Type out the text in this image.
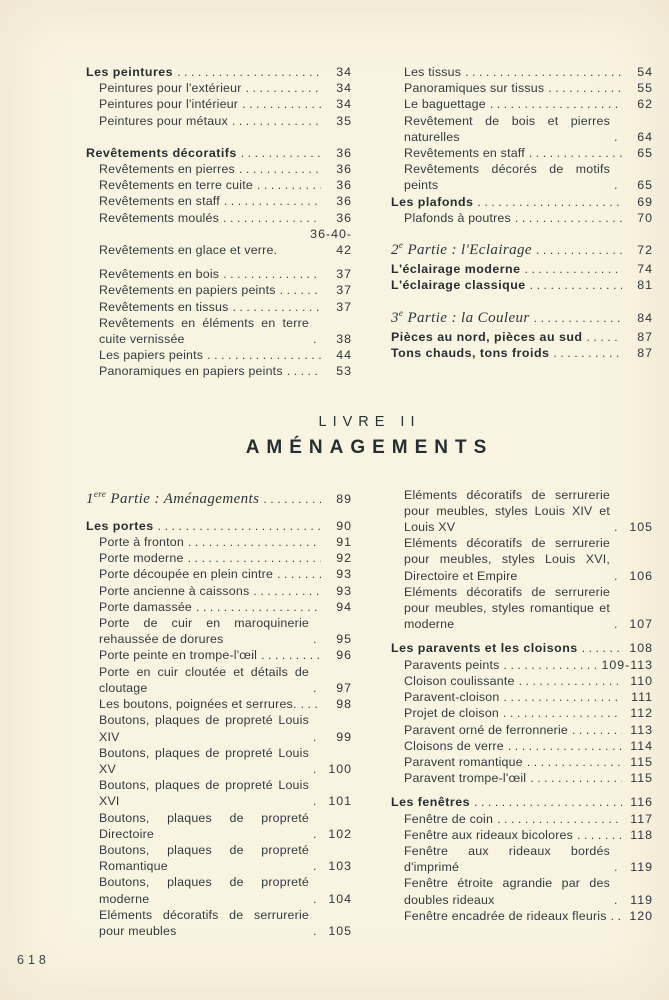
Les peintures .....	34
Peintures pour l'extérieur .....	34
Peintures pour l'intérieur .....	34
Peintures pour métaux .....	35
Revêtements décoratifs .....	36
Revêtements en pierres .....	36
Revêtements en terre cuite .....	36
Revêtements en staff .....	36
Revêtements moulés .....	36
Revêtements en glace et verre.
36-40-42
Revêtements en bois .....	37
Revêtements en papiers peints .....	37
Revêtements en tissus .....	37
Revêtements en éléments en terre cuite vernissée .....	38
Les papiers peints .....	44
Panoramiques en papiers peints .....	53
Les tissus .....	54
Panoramiques sur tissus .....	55
Le baguettage .....	62
Revêtement de bois et pierres naturelles .....	64
Revêtements en staff .....	65
Revêtements décorés de motifs peints .....	65
Les plafonds .....	69
Plafonds à poutres .....	70
2e Partie : l'Eclairage .....	72
L'éclairage moderne .....	74
L'éclairage classique .....	81
3e Partie : la Couleur .....	84
Pièces au nord, pièces au sud .....	87
Tons chauds, tons froids .....	87
LIVRE II
AMÉNAGEMENTS
1ere Partie : Aménagements .....	89
Les portes .....	90
Porte à fronton .....	91
Porte moderne .....	92
Porte découpée en plein cintre .....	93
Porte ancienne à caissons .....	93
Porte damassée .....	94
Porte de cuir en maroquinerie rehaussée de dorures .....	95
Porte peinte en trompe-l'œil .....	96
Porte en cuir cloutée et détails de cloutage .....	97
Les boutons, poignées et serrures. .....	98
Boutons, plaques de propreté Louis XIV .....	99
Boutons, plaques de propreté Louis XV .....	100
Boutons, plaques de propreté Louis XVI .....	101
Boutons, plaques de propreté Directoire .....	102
Boutons, plaques de propreté Romantique .....	103
Boutons, plaques de propreté moderne .....	104
Eléments décoratifs de serrurerie pour meubles .....	105
Eléments décoratifs de serrurerie pour meubles, styles Louis XIV et Louis XV .....	105
Eléments décoratifs de serrurerie pour meubles, styles Louis XVI, Directoire et Empire .....	106
Eléments décoratifs de serrurerie pour meubles, styles romantique et moderne .....	107
Les paravents et les cloisons .....	108
Paravents peints .....	109-113
Cloison coulissante .....	110
Paravent-cloison .....	111
Projet de cloison .....	112
Paravent orné de ferronnerie .....	113
Cloisons de verre .....	114
Paravent romantique .....	115
Paravent trompe-l'œil .....	115
Les fenêtres .....	116
Fenêtre de coin .....	117
Fenêtre aux rideaux bicolores .....	118
Fenêtre aux rideaux bordés d'imprimé .....	119
Fenêtre étroite agrandie par des doubles rideaux .....	119
Fenêtre encadrée de rideaux fleuris ..... 120
618
